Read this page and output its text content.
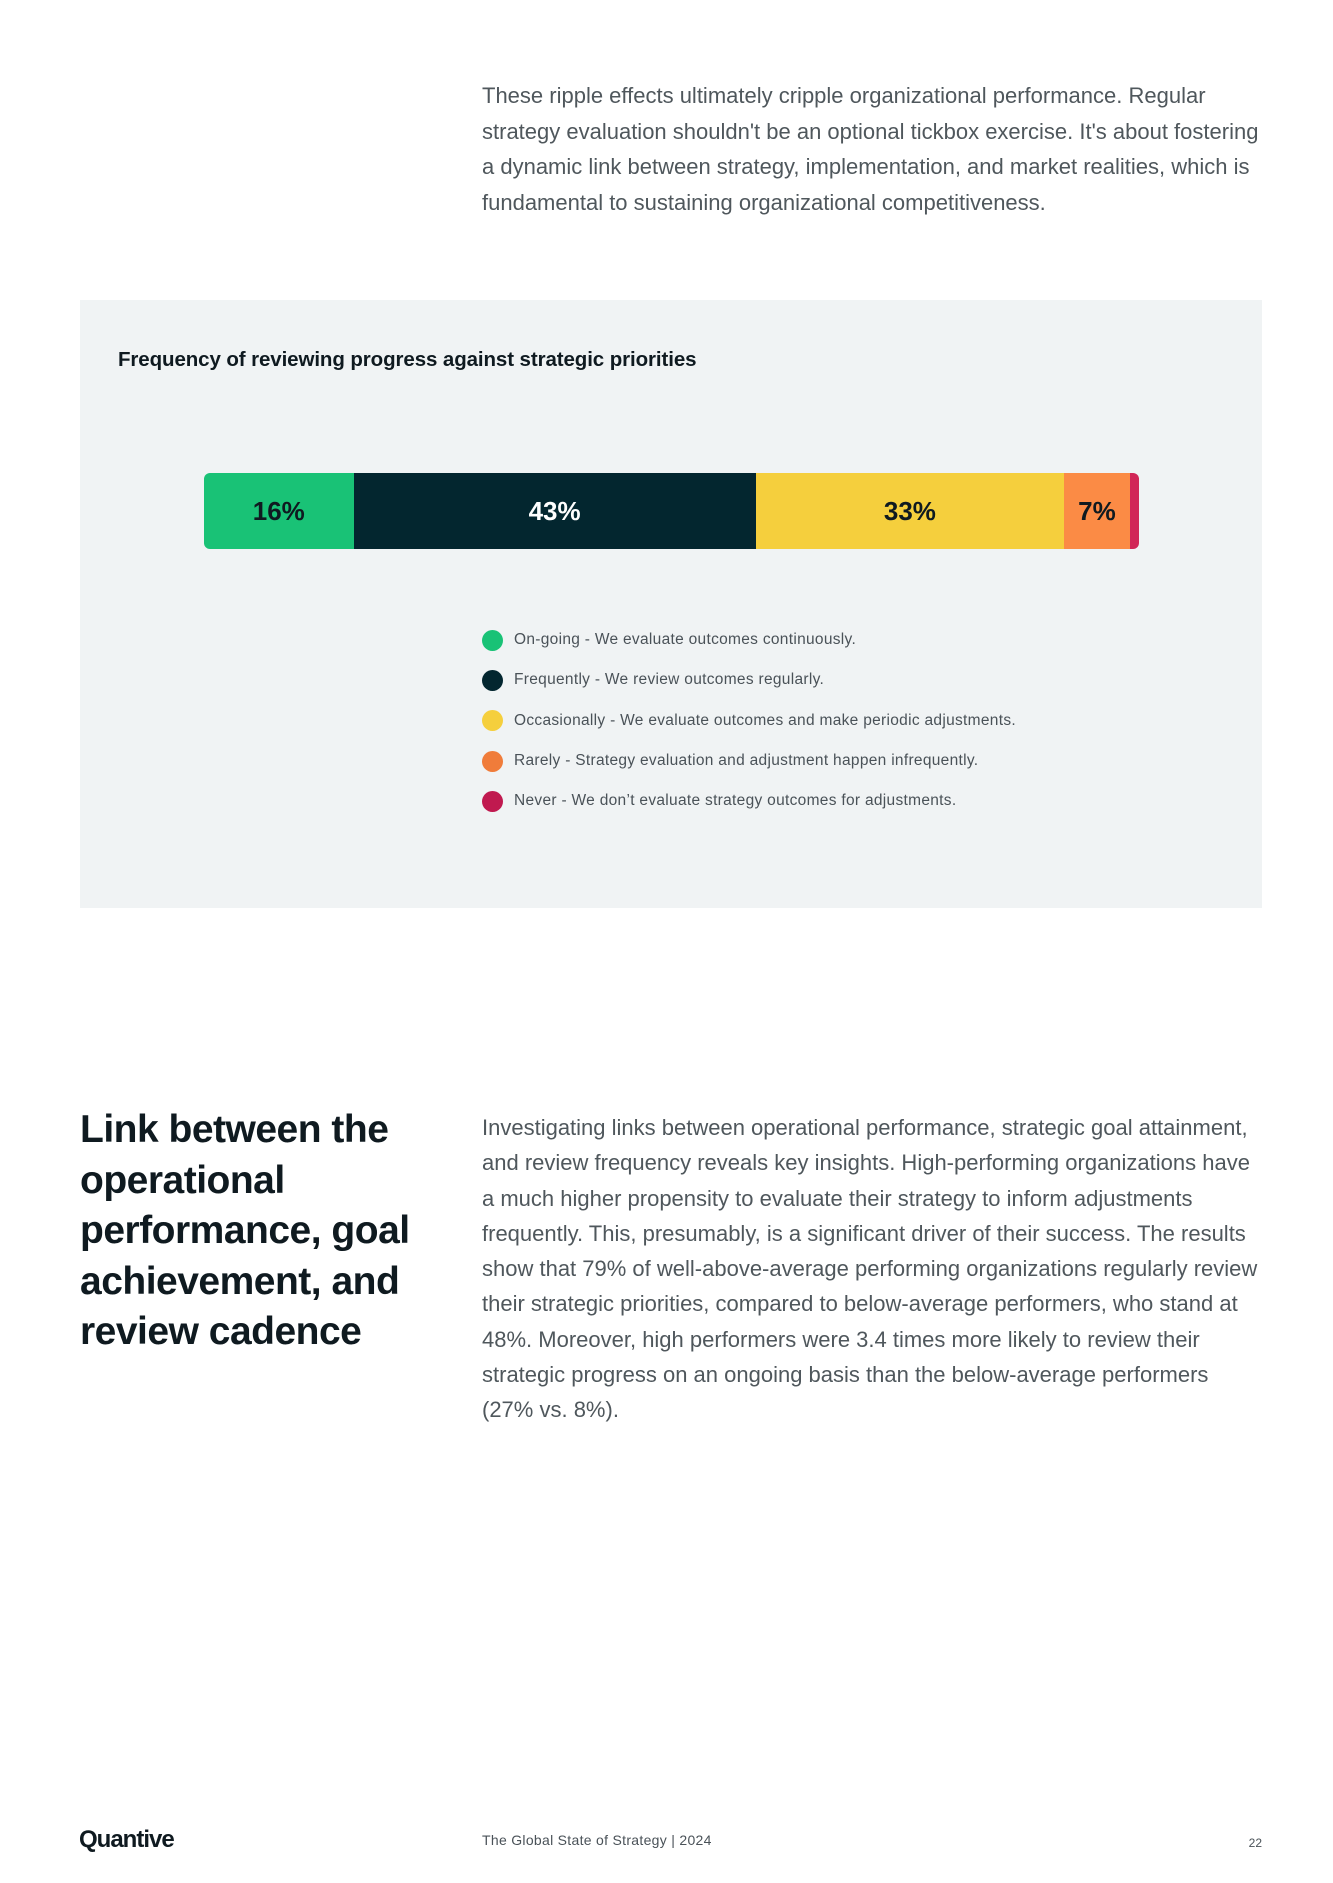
These ripple effects ultimately cripple organizational performance. Regular strategy evaluation shouldn't be an optional tickbox exercise. It's about fostering a dynamic link between strategy, implementation, and market realities, which is fundamental to sustaining organizational competitiveness.

Frequency of reviewing progress against strategic priorities
16%	43%	33%	7%
On-going - We evaluate outcomes continuously.
Frequently - We review outcomes regularly.
Occasionally - We evaluate outcomes and make periodic adjustments.
Rarely - Strategy evaluation and adjustment happen infrequently.
Never - We don’t evaluate strategy outcomes for adjustments.
Link between the operational performance, goal achievement, and review cadence

Investigating links between operational performance, strategic goal attainment, and review frequency reveals key insights. High-performing organizations have a much higher propensity to evaluate their strategy to inform adjustments frequently. This, presumably, is a significant driver of their success. The results show that 79% of well-above-average performing organizations regularly review their strategic priorities, compared to below-average performers, who stand at 48%. Moreover, high performers were 3.4 times more likely to review their strategic progress on an ongoing basis than the below-average performers (27% vs. 8%).

Quantive	The Global State of Strategy | 2024	22
